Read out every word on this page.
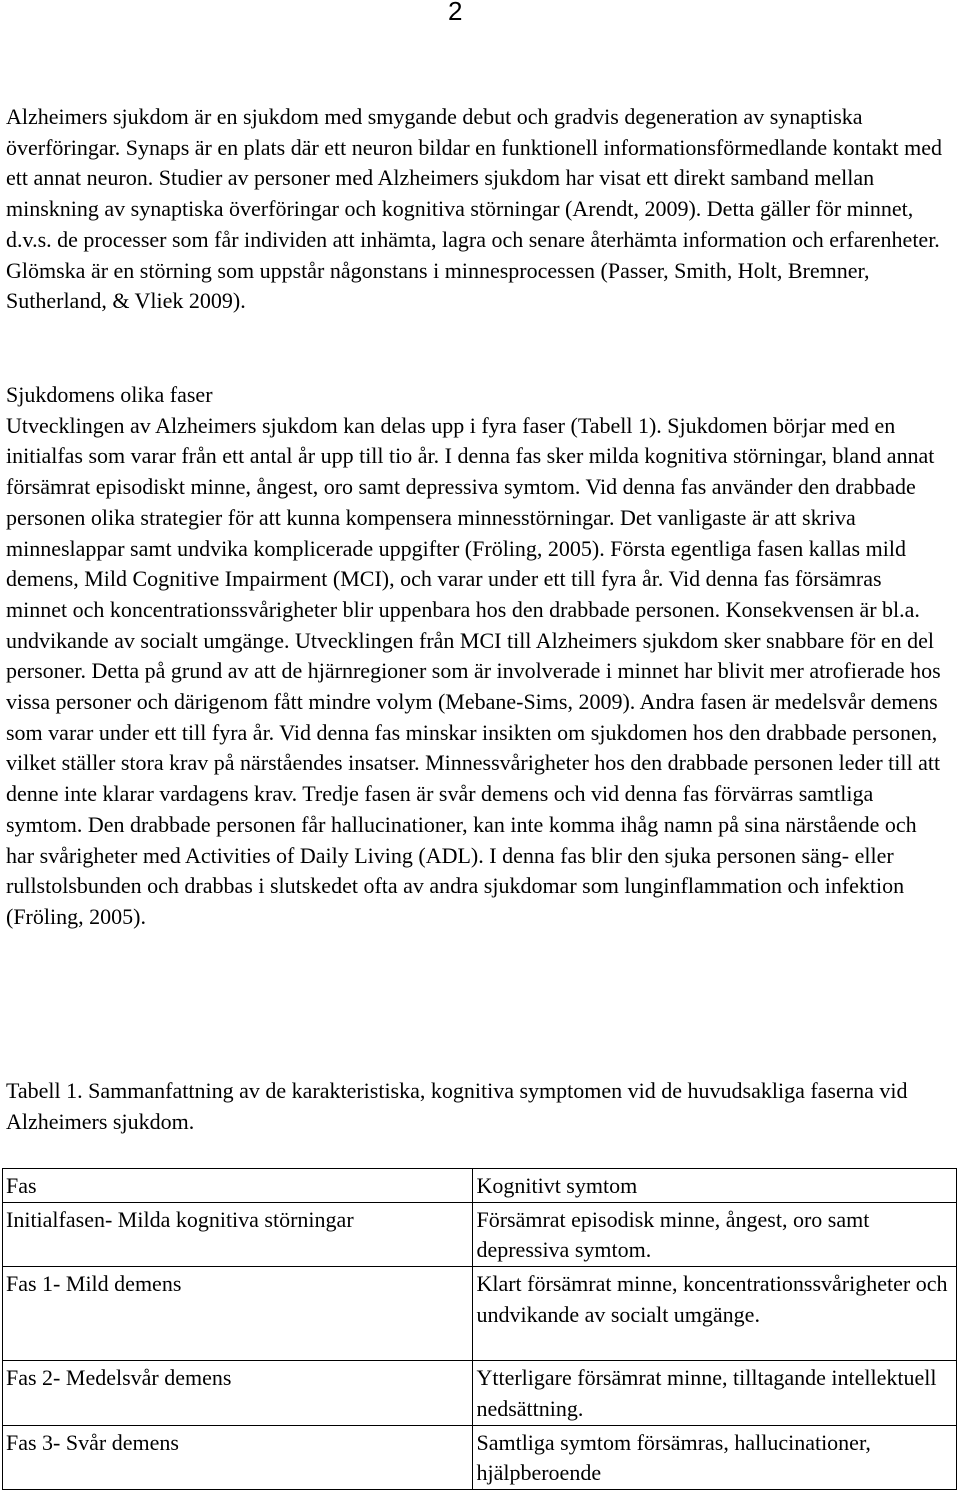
2

Alzheimers sjukdom är en sjukdom med smygande debut och gradvis degeneration av synaptiska överföringar. Synaps är en plats där ett neuron bildar en funktionell informationsförmedlande kontakt med ett annat neuron. Studier av personer med Alzheimers sjukdom har visat ett direkt samband mellan minskning av synaptiska överföringar och kognitiva störningar (Arendt, 2009). Detta gäller för minnet, d.v.s. de processer som får individen att inhämta, lagra och senare återhämta information och erfarenheter. Glömska är en störning som uppstår någonstans i minnesprocessen (Passer, Smith, Holt, Bremner, Sutherland, & Vliek 2009).

Sjukdomens olika faser
Utvecklingen av Alzheimers sjukdom kan delas upp i fyra faser (Tabell 1). Sjukdomen börjar med en initialfas som varar från ett antal år upp till tio år. I denna fas sker milda kognitiva störningar, bland annat försämrat episodiskt minne, ångest, oro samt depressiva symtom. Vid denna fas använder den drabbade personen olika strategier för att kunna kompensera minnesstörningar. Det vanligaste är att skriva minneslappar samt undvika komplicerade uppgifter (Fröling, 2005). Första egentliga fasen kallas mild demens, Mild Cognitive Impairment (MCI), och varar under ett till fyra år. Vid denna fas försämras minnet och koncentrationssvårigheter blir uppenbara hos den drabbade personen. Konsekvensen är bl.a. undvikande av socialt umgänge. Utvecklingen från MCI till Alzheimers sjukdom sker snabbare för en del personer. Detta på grund av att de hjärnregioner som är involverade i minnet har blivit mer atrofierade hos vissa personer och därigenom fått mindre volym (Mebane-Sims, 2009). Andra fasen är medelsvår demens som varar under ett till fyra år. Vid denna fas minskar insikten om sjukdomen hos den drabbade personen, vilket ställer stora krav på närståendes insatser. Minnessvårigheter hos den drabbade personen leder till att denne inte klarar vardagens krav. Tredje fasen är svår demens och vid denna fas förvärras samtliga symtom. Den drabbade personen får hallucinationer, kan inte komma ihåg namn på sina närstående och har svårigheter med Activities of Daily Living (ADL). I denna fas blir den sjuka personen säng- eller rullstolsbunden och drabbas i slutskedet ofta av andra sjukdomar som lunginflammation och infektion (Fröling, 2005).

Tabell 1. Sammanfattning av de karakteristiska, kognitiva symptomen vid de huvudsakliga faserna vid Alzheimers sjukdom.

Fas	Kognitivt symtom

Initialfasen- Milda kognitiva störningar	Försämrat episodisk minne, ångest, oro samt depressiva symtom.

Fas 1- Mild demens	Klart försämrat minne, koncentrationssvårigheter och undvikande av socialt umgänge.

Fas 2- Medelsvår demens	Ytterligare försämrat minne, tilltagande intellektuell nedsättning.

Fas 3- Svår demens	Samtliga symtom försämras, hallucinationer, hjälpberoende
